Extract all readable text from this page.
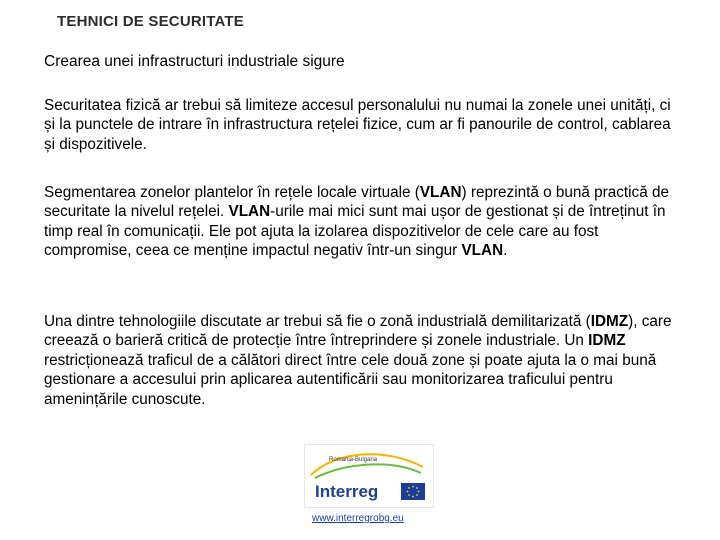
TEHNICI DE SECURITATE
Crearea unei infrastructuri industriale sigure

Securitatea fizică ar trebui să limiteze accesul personalului nu numai la zonele unei unități, ci și la punctele de intrare în infrastructura rețelei fizice, cum ar fi panourile de control, cablarea și dispozitivele.

Segmentarea zonelor plantelor în rețele locale virtuale (VLAN) reprezintă o bună practică de securitate la nivelul rețelei. VLAN-urile mai mici sunt mai ușor de gestionat și de întreținut în timp real în comunicații. Ele pot ajuta la izolarea dispozitivelor de cele care au fost compromise, ceea ce menține impactul negativ într-un singur VLAN.

Una dintre tehnologiile discutate ar trebui să fie o zonă industrială demilitarizată (IDMZ), care creează o barieră critică de protecție între întreprindere și zonele industriale. Un IDMZ restricționează traficul de a călători direct între cele două zone și poate ajuta la o mai bună gestionare a accesului prin aplicarea autentificării sau monitorizarea traficului pentru amenințările cunoscute.

Romania-Bulgaria
Interreg
www.interregrobg.eu
